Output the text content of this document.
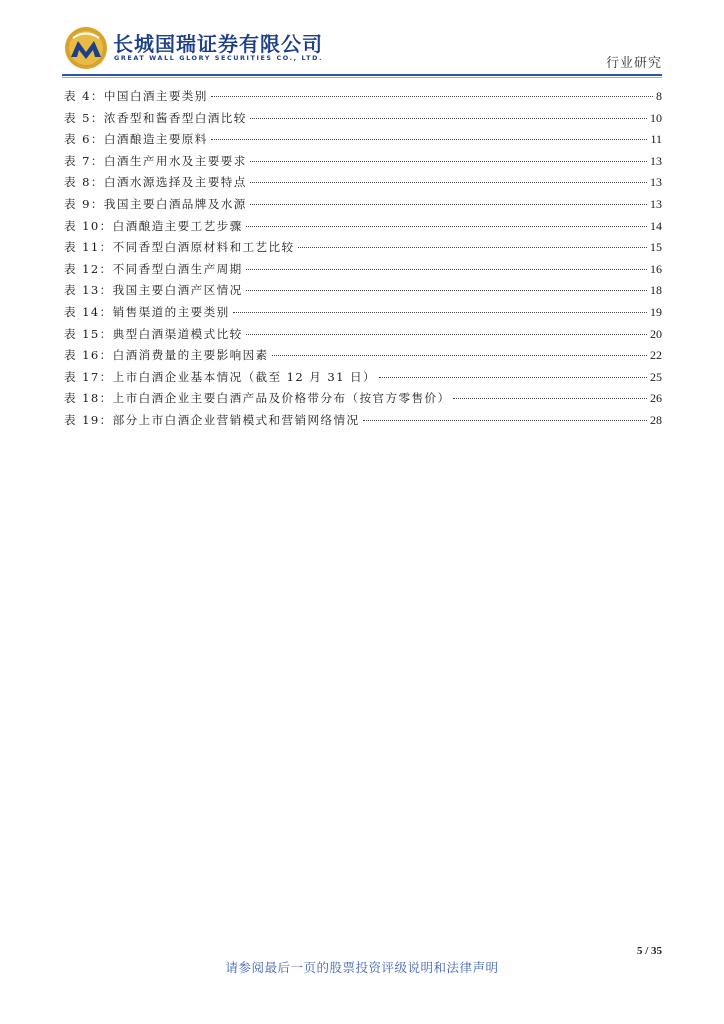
长城国瑞证券有限公司
GREAT WALL GLORY SECURITIES CO., LTD.	行业研究
表 4：中国白酒主要类别	8
表 5：浓香型和酱香型白酒比较	10
表 6：白酒酿造主要原料	11
表 7：白酒生产用水及主要要求	13
表 8：白酒水源选择及主要特点	13
表 9：我国主要白酒品牌及水源	13
表 10：白酒酿造主要工艺步骤	14
表 11：不同香型白酒原材料和工艺比较	15
表 12：不同香型白酒生产周期	16
表 13：我国主要白酒产区情况	18
表 14：销售渠道的主要类别	19
表 15：典型白酒渠道模式比较	20
表 16：白酒消费量的主要影响因素	22
表 17：上市白酒企业基本情况（截至 12 月 31 日）	25
表 18：上市白酒企业主要白酒产品及价格带分布（按官方零售价）	26
表 19：部分上市白酒企业营销模式和营销网络情况	28
5 / 35
请参阅最后一页的股票投资评级说明和法律声明
